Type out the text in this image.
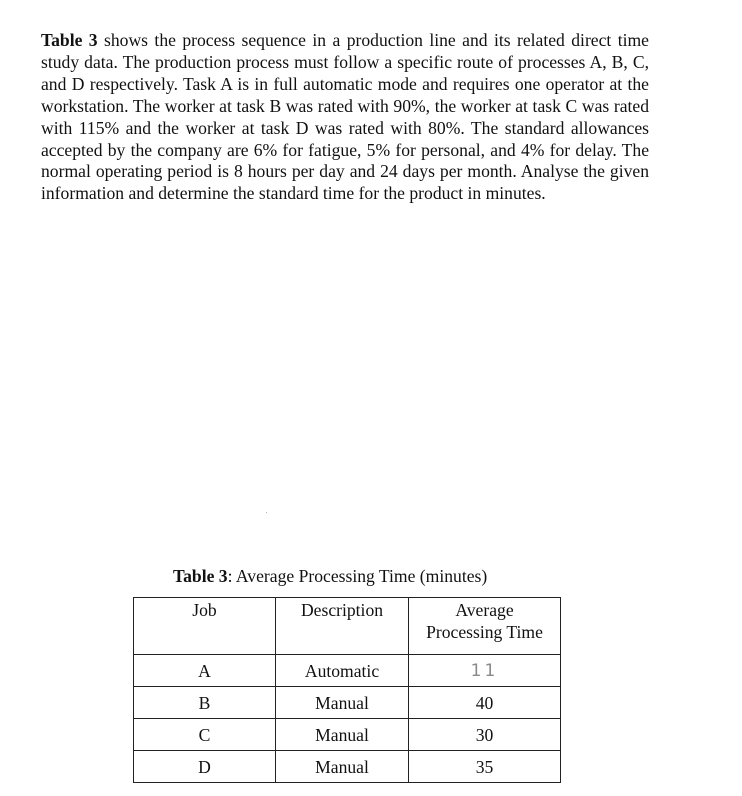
Table 3 shows the process sequence in a production line and its related direct time study data. The production process must follow a specific route of processes A, B, C, and D respectively. Task A is in full automatic mode and requires one operator at the workstation. The worker at task B was rated with 90%, the worker at task C was rated with 115% and the worker at task D was rated with 80%. The standard allowances accepted by the company are 6% for fatigue, 5% for personal, and 4% for delay. The normal operating period is 8 hours per day and 24 days per month. Analyse the given information and determine the standard time for the product in minutes.

Table 3: Average Processing Time (minutes)

Job	Description	Average
Processing Time
A	Automatic	11
B	Manual	40
C	Manual	30
D	Manual	35
